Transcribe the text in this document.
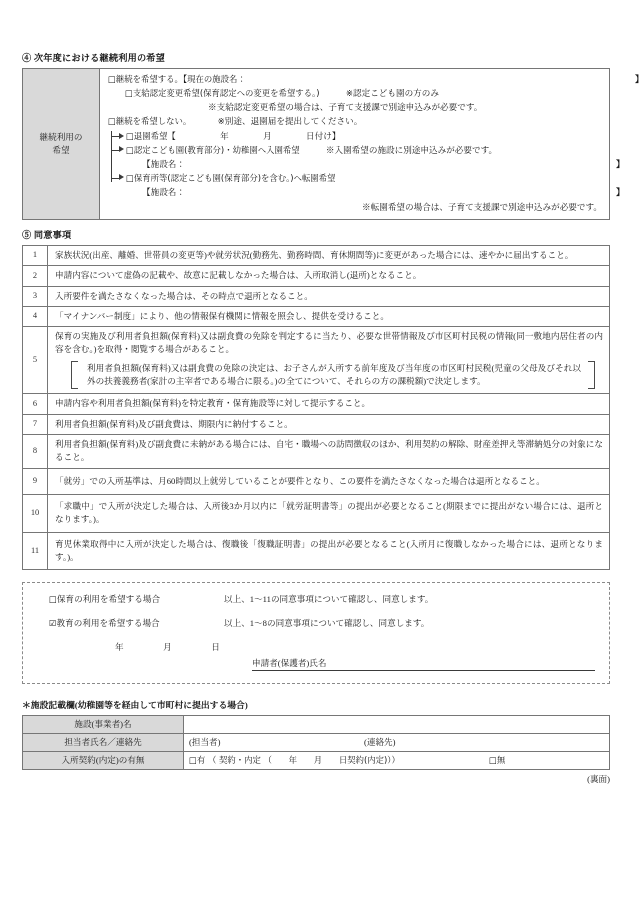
④ 次年度における継続利用の希望
継続利用の
希望

□継続を希望する。【現在の施設名：	】
□支給認定変更希望(保育認定への変更を希望する。)	※認定こども園の方のみ
※支給認定変更希望の場合は、子育て支援課で別途申込みが必要です。
□継続を希望しない。	※別途、退園届を提出してください。
□退園希望【	年　　　　月　　　　日付け】
□認定こども園(教育部分)・幼稚園へ入園希望	※入園希望の施設に別途申込みが必要です。
【施設名：	】
□保育所等(認定こども園(保育部分)を含む。)へ転園希望
【施設名：	】
※転園希望の場合は、子育て支援課で別途申込みが必要です。
⑤ 同意事項
1	家族状況(出産、離婚、世帯員の変更等)や就労状況(勤務先、勤務時間、育休期間等)に変更があった場合には、速やかに届出すること。
2	申請内容について虚偽の記載や、故意に記載しなかった場合は、入所取消し(退所)となること。
3	入所要件を満たさなくなった場合は、その時点で退所となること。
4	「マイナンバー制度」により、他の情報保有機関に情報を照会し、提供を受けること。
5	保育の実施及び利用者負担額(保育料)又は副食費の免除を判定するに当たり、必要な世帯情報及び市区町村民税の情報(同一敷地内居住者の内容を含む。)を取得・閲覧する場合があること。
利用者負担額(保育料)又は副食費の免除の決定は、お子さんが入所する前年度及び当年度の市区町村民税(児童の父母及びそれ以外の扶養義務者(家計の主宰者である場合に限る。)の全てについて、それらの方の課税額)で決定します。

6	申請内容や利用者負担額(保育料)を特定教育・保育施設等に対して提示すること。
7	利用者負担額(保育料)及び副食費は、期限内に納付すること。
8	利用者負担額(保育料)及び副食費に未納がある場合には、自宅・職場への訪問徴収のほか、利用契約の解除、財産差押え等滞納処分の対象になること。
9	「就労」での入所基準は、月60時間以上就労していることが要件となり、この要件を満たさなくなった場合は退所となること。
10	「求職中」で入所が決定した場合は、入所後3か月以内に「就労証明書等」の提出が必要となること(期限までに提出がない場合には、退所となります。)。
11	育児休業取得中に入所が決定した場合は、復職後「復職証明書」の提出が必要となること(入所月に復職しなかった場合には、退所となります。)。
□保育の利用を希望する場合	以上、1～11の同意事項について確認し、同意します。
☑教育の利用を希望する場合	以上、1～8の同意事項について確認し、同意します。
年　　　　月　　　　日
申請者(保護者)氏名
＊施設記載欄(幼稚園等を経由して市町村に提出する場合)
施設(事業者)名	
担当者氏名／連絡先	(担当者) (連絡先)

入所契約(内定)の有無	□有 （ 契約・内定 （　　年　　月　　日契約(内定)）） □無
(裏面)
